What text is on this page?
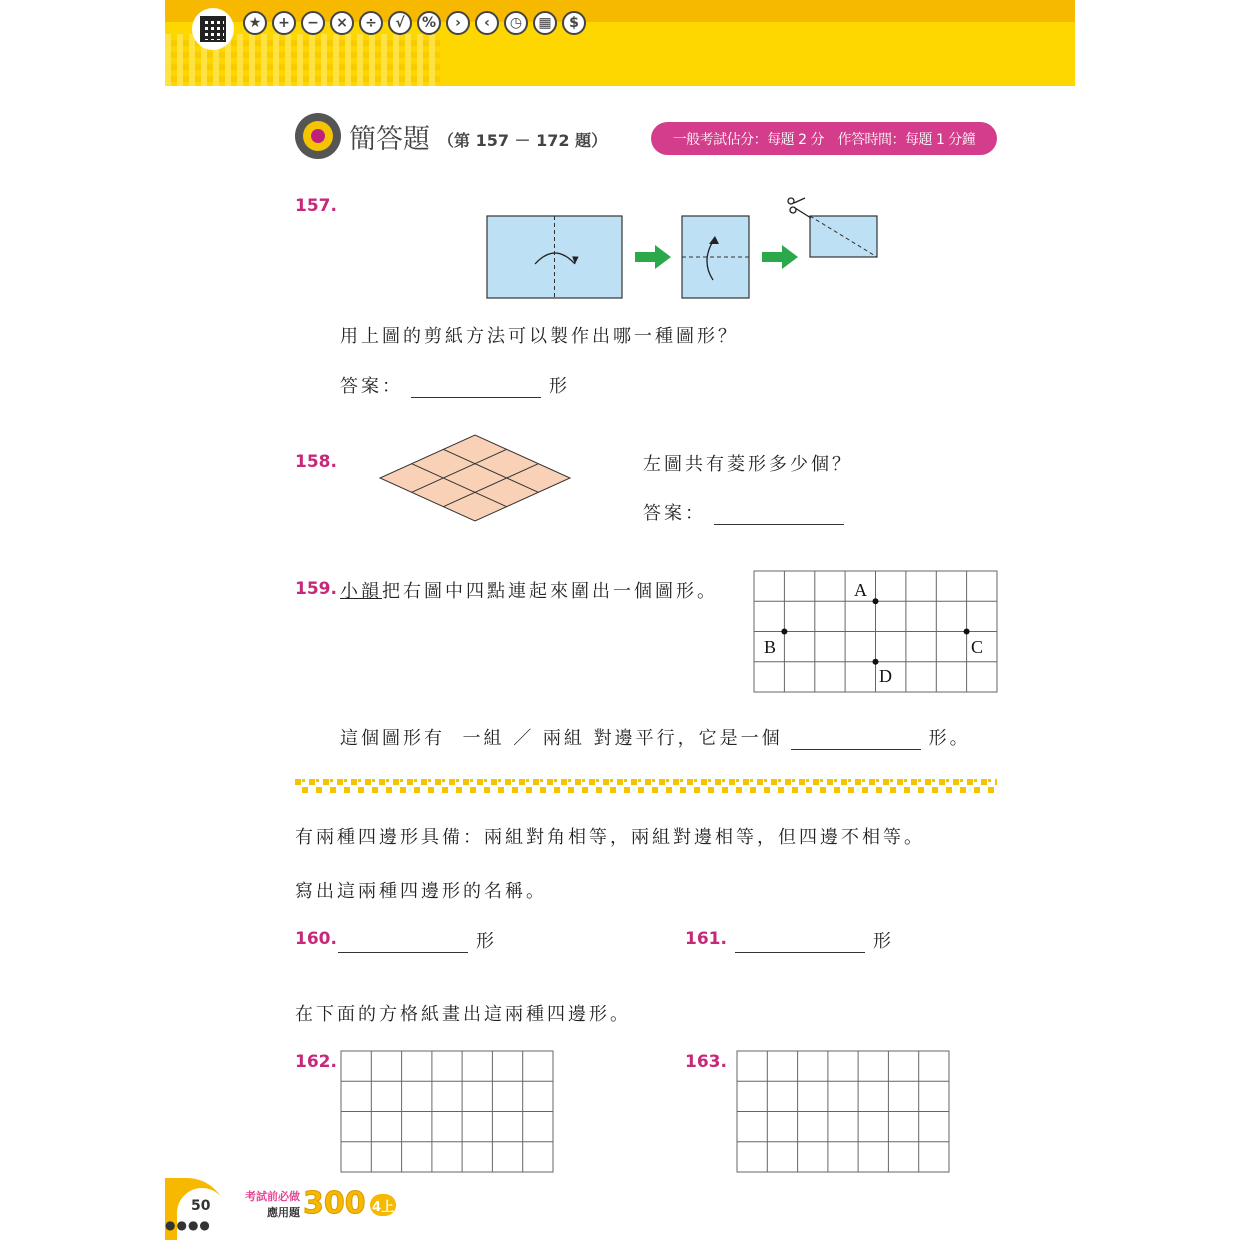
★	+	−	×	÷	√	%	›	‹	◷	▦	$
簡答題 （第 157 － 172 題）	一般考試佔分：每題 2 分　作答時間：每題 1 分鐘
157.
用上圖的剪紙方法可以製作出哪一種圖形？
答案：	形
158.	左圖共有菱形多少個？
答案：
159. 小韻把右圖中四點連起來圍出一個圖形。	A
B	C
D
這個圖形有 一組 ／ 兩組 對邊平行，它是一個	形。
有兩種四邊形具備：兩組對角相等，兩組對邊相等，但四邊不相等。
寫出這兩種四邊形的名稱。
160.	形	161.	形
在下面的方格紙畫出這兩種四邊形。
162.	163.
50
●●●●
考試前必做
應用題 300 4上
